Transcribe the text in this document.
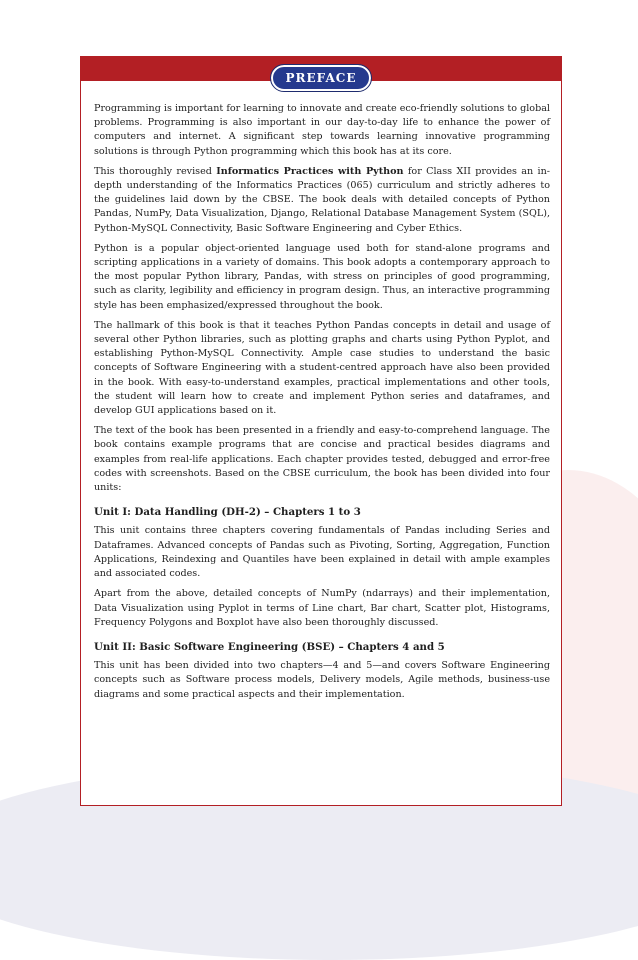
PREFACE

Programming is important for learning to innovate and create eco-friendly solutions to global problems. Programming is also important in our day-to-day life to enhance the power of computers and internet. A significant step towards learning innovative programming solutions is through Python programming which this book has at its core.

This thoroughly revised Informatics Practices with Python for Class XII provides an in-depth understanding of the Informatics Practices (065) curriculum and strictly adheres to the guidelines laid down by the CBSE. The book deals with detailed concepts of Python Pandas, NumPy, Data Visualization, Django, Relational Database Management System (SQL), Python-MySQL Connectivity, Basic Software Engineering and Cyber Ethics.

Python is a popular object-oriented language used both for stand-alone programs and scripting applications in a variety of domains. This book adopts a contemporary approach to the most popular Python library, Pandas, with stress on principles of good programming, such as clarity, legibility and efficiency in program design. Thus, an interactive programming style has been emphasized/expressed throughout the book.

The hallmark of this book is that it teaches Python Pandas concepts in detail and usage of several other Python libraries, such as plotting graphs and charts using Python Pyplot, and establishing Python-MySQL Connectivity. Ample case studies to understand the basic concepts of Software Engineering with a student-centred approach have also been provided in the book. With easy-to-understand examples, practical implementations and other tools, the student will learn how to create and implement Python series and dataframes, and develop GUI applications based on it.

The text of the book has been presented in a friendly and easy-to-comprehend language. The book contains example programs that are concise and practical besides diagrams and examples from real-life applications. Each chapter provides tested, debugged and error-free codes with screenshots. Based on the CBSE curriculum, the book has been divided into four units:

Unit I: Data Handling (DH-2) – Chapters 1 to 3

This unit contains three chapters covering fundamentals of Pandas including Series and Dataframes. Advanced concepts of Pandas such as Pivoting, Sorting, Aggregation, Function Applications, Reindexing and Quantiles have been explained in detail with ample examples and associated codes.

Apart from the above, detailed concepts of NumPy (ndarrays) and their implementation, Data Visualization using Pyplot in terms of Line chart, Bar chart, Scatter plot, Histograms, Frequency Polygons and Boxplot have also been thoroughly discussed.

Unit II: Basic Software Engineering (BSE) – Chapters 4 and 5

This unit has been divided into two chapters—4 and 5—and covers Software Engineering concepts such as Software process models, Delivery models, Agile methods, business-use diagrams and some practical aspects and their implementation.
